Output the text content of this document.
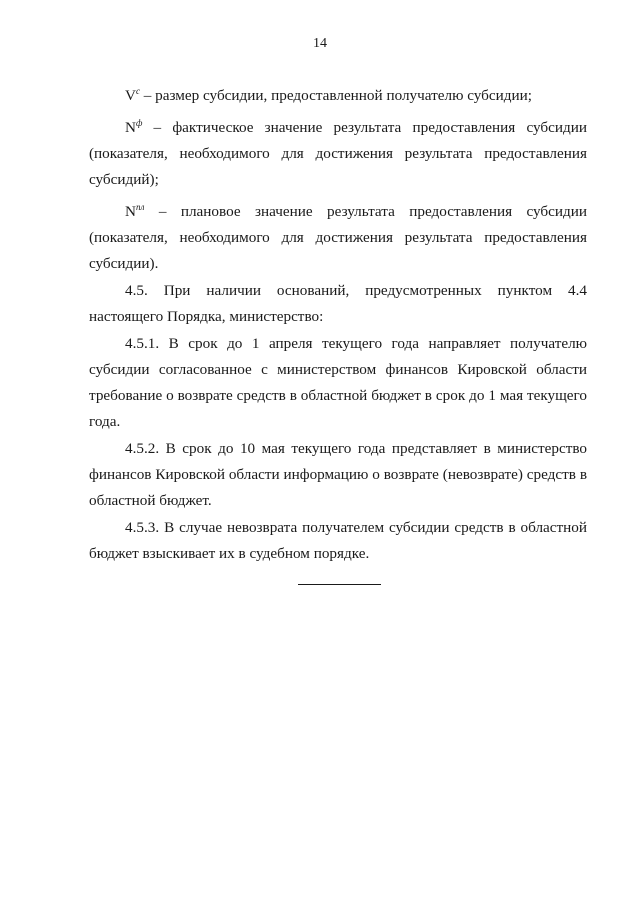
14

$V^c$ – размер субсидии, предоставленной получателю субсидии;

$N^ф$ – фактическое значение результата предоставления субсидии (показателя, необходимого для достижения результата предоставления субсидий);

$N^{пл}$ – плановое значение результата предоставления субсидии (показателя, необходимого для достижения результата предоставления субсидии).

4.5. При наличии оснований, предусмотренных пунктом 4.4 настоящего Порядка, министерство:

4.5.1. В срок до 1 апреля текущего года направляет получателю субсидии согласованное с министерством финансов Кировской области требование о возврате средств в областной бюджет в срок до 1 мая текущего года.

4.5.2. В срок до 10 мая текущего года представляет в министерство финансов Кировской области информацию о возврате (невозврате) средств в областной бюджет.

4.5.3. В случае невозврата получателем субсидии средств в областной бюджет взыскивает их в судебном порядке.
